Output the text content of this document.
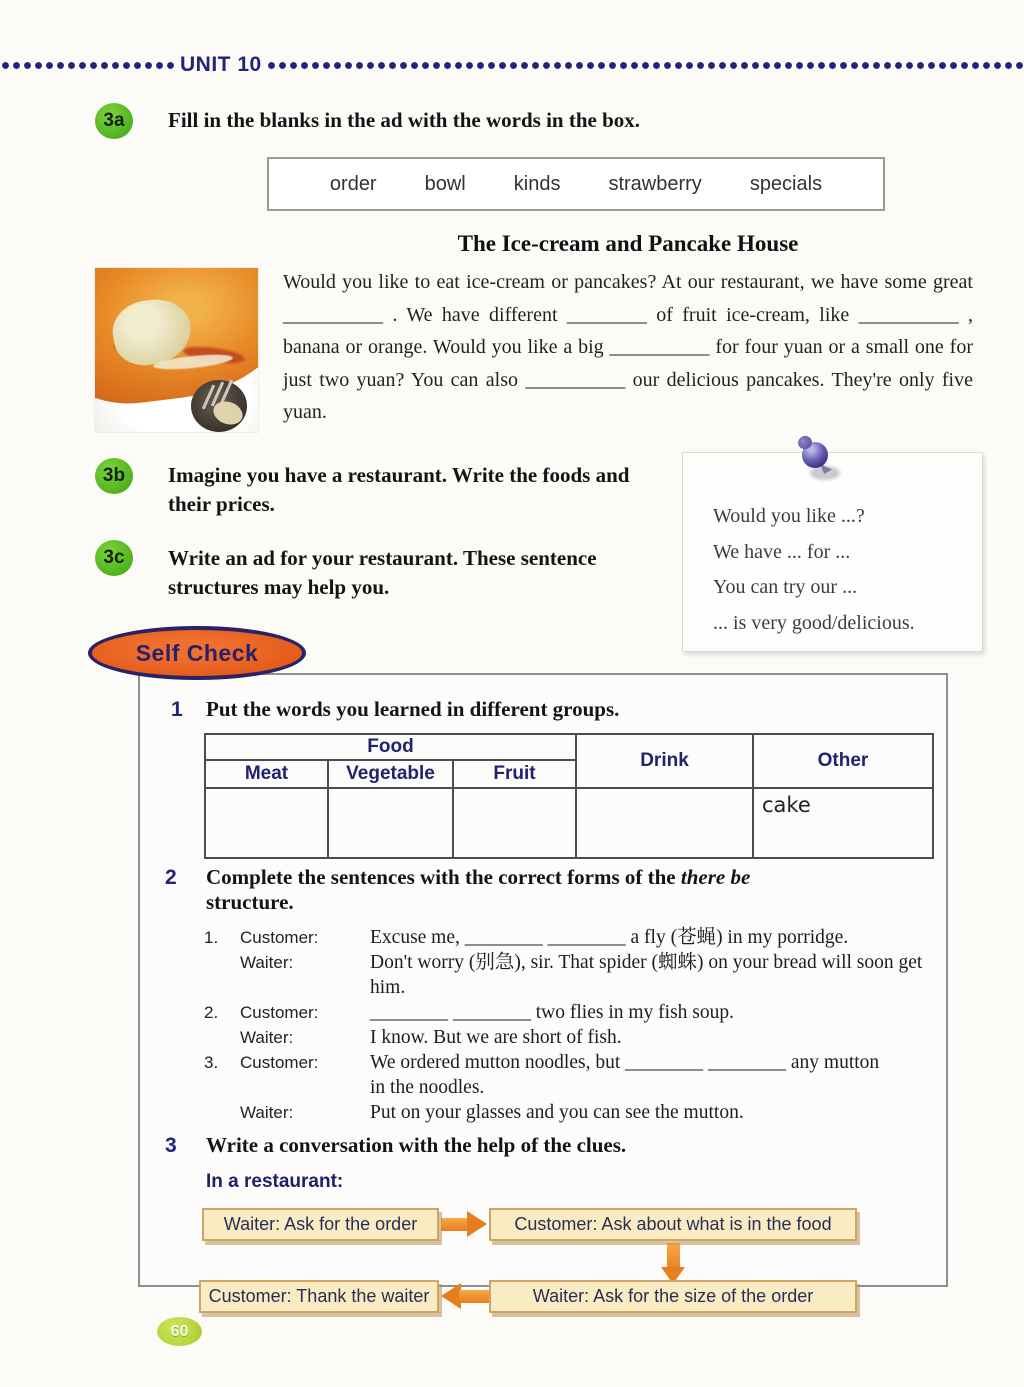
UNIT 10
3a Fill in the blanks in the ad with the words in the box.
order bowl kinds strawberry specials
The Ice-cream and Pancake House
Would you like to eat ice-cream or pancakes? At our restaurant, we have some great __________ . We have different ________ of fruit ice-cream, like __________ , banana or orange. Would you like a big __________ for four yuan or a small one for just two yuan? You can also __________ our delicious pancakes. They're only five yuan.
3b Imagine you have a restaurant. Write the foods and their prices.
3c Write an ad for your restaurant. These sentence structures may help you.
Would you like ...?
We have ... for ...
You can try our ...
... is very good/delicious.
Self Check
1 Put the words you learned in different groups.
Food			Drink	Other
Meat	Vegetable	Fruit		
				cake
2 Complete the sentences with the correct forms of the there be
structure.
1.	Customer:	Excuse me, ________ ________ a fly (苍蝇) in my porridge.
Waiter:	Don't worry (别急), sir. That spider (蜘蛛) on your bread will soon get him.
2.	Customer:	________ ________ two flies in my fish soup.
Waiter:	I know. But we are short of fish.
3.	Customer:	We ordered mutton noodles, but ________ ________ any mutton in the noodles.
Waiter:	Put on your glasses and you can see the mutton.
3 Write a conversation with the help of the clues.
In a restaurant:
Waiter: Ask for the order	Customer: Ask about what is in the food
Customer: Thank the waiter	Waiter: Ask for the size of the order
60
